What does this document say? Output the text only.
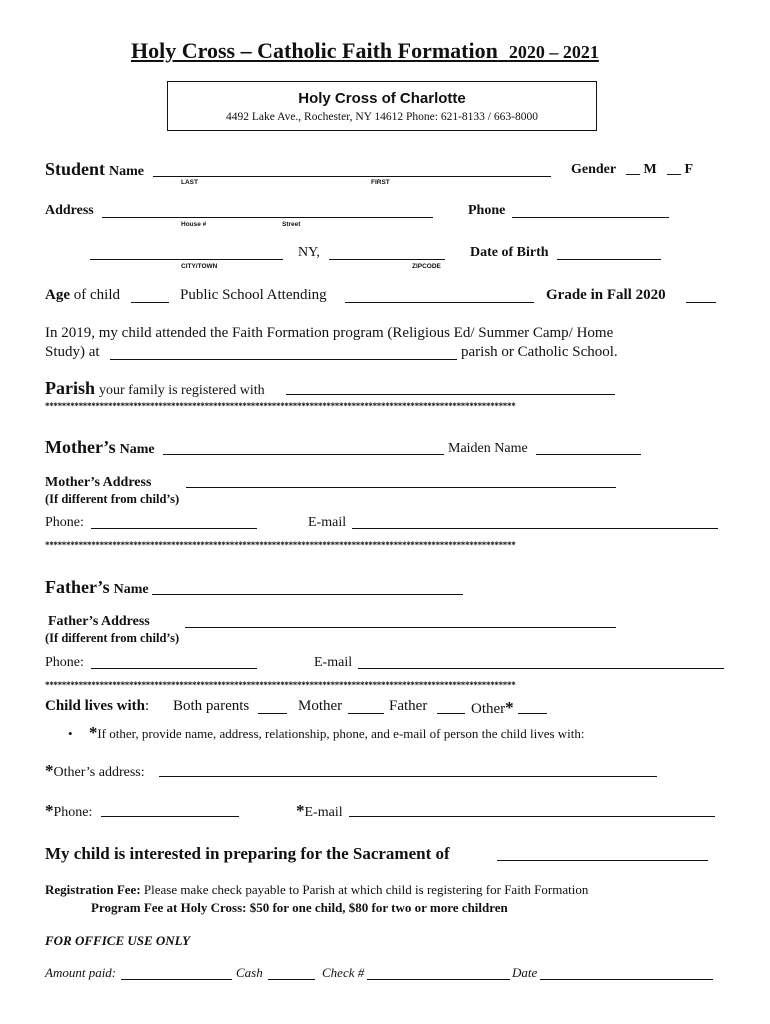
Holy Cross – Catholic Faith Formation 2020 – 2021
Holy Cross of Charlotte
4492 Lake Ave., Rochester, NY 14612 Phone: 621-8133 / 663-8000
Student Name
LAST	FIRST
Gender __ M __ F
Address
House #	Street
Phone
NY,
CITY/TOWN	ZIPCODE
Date of Birth
Age of child	Public School Attending	Grade in Fall 2020
In 2019, my child attended the Faith Formation program (Religious Ed/ Summer Camp/ Home
Study) at	parish or Catholic School.
Parish your family is registered with
****************************************************************************************************************
Mother’s Name	Maiden Name
Mother’s Address
(If different from child’s)
Phone:	E-mail
****************************************************************************************************************
Father’s Name
Father’s Address
(If different from child’s)
Phone:	E-mail
****************************************************************************************************************
Child lives with: Both parents	Mother	Father	Other*
• *If other, provide name, address, relationship, phone, and e-mail of person the child lives with:
*Other’s address:
*Phone:	*E-mail
My child is interested in preparing for the Sacrament of
Registration Fee: Please make check payable to Parish at which child is registering for Faith Formation
Program Fee at Holy Cross: $50 for one child, $80 for two or more children
FOR OFFICE USE ONLY
Amount paid:	Cash	Check #	Date
